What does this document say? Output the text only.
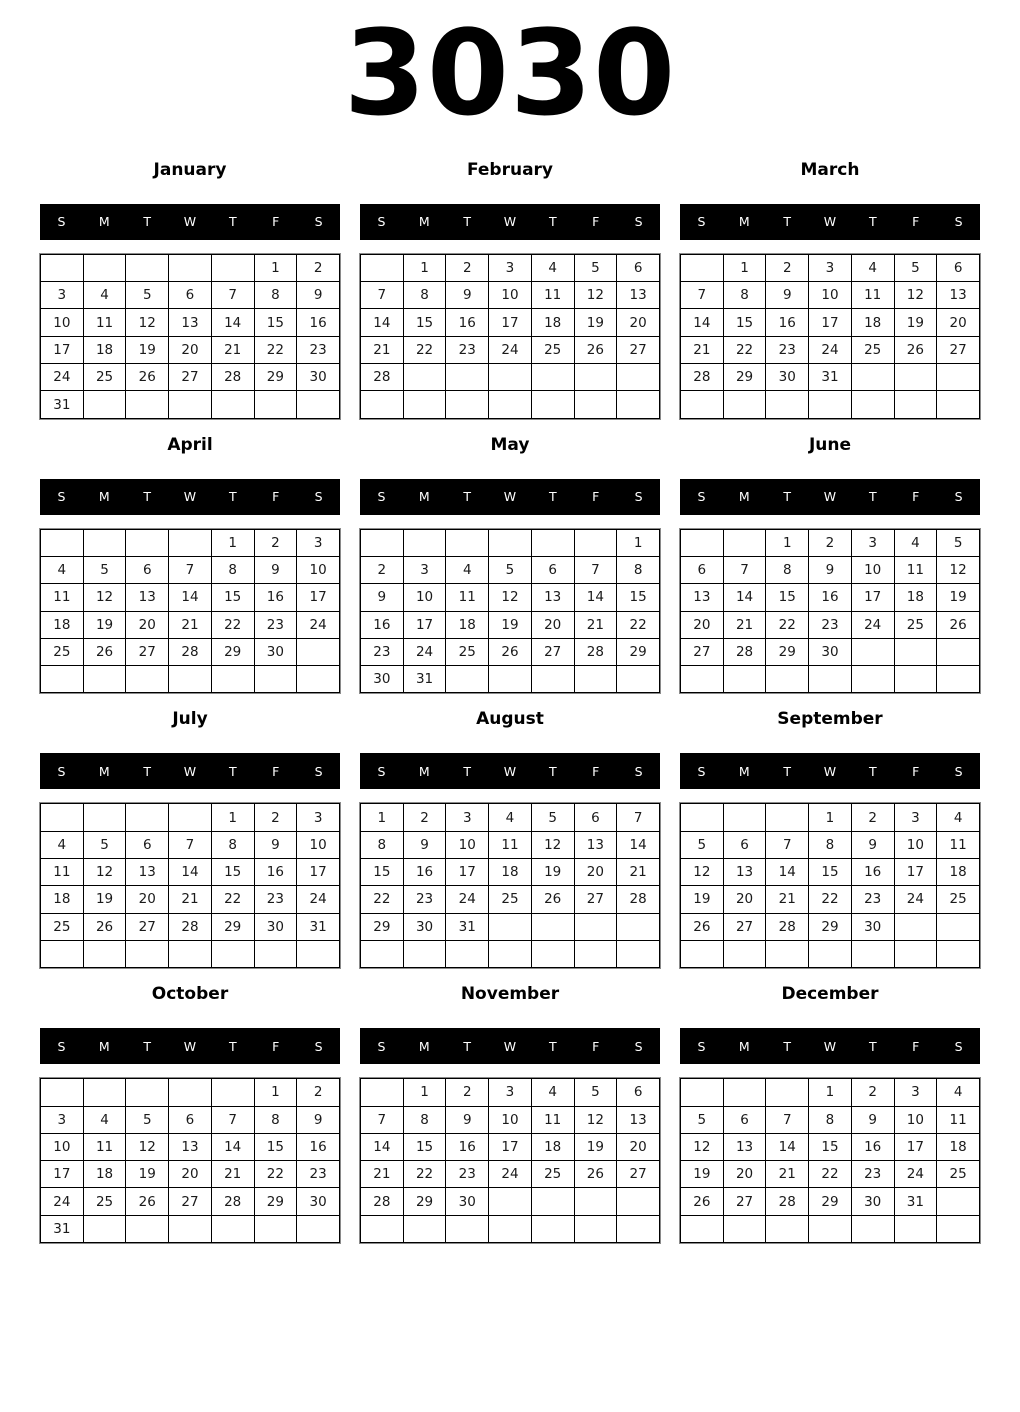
3030
January
S	M	T	W	T	F	S
					1	2
3	4	5	6	7	8	9
10	11	12	13	14	15	16
17	18	19	20	21	22	23
24	25	26	27	28	29	30
31						
February
S	M	T	W	T	F	S
	1	2	3	4	5	6
7	8	9	10	11	12	13
14	15	16	17	18	19	20
21	22	23	24	25	26	27
28						

March
S	M	T	W	T	F	S
	1	2	3	4	5	6
7	8	9	10	11	12	13
14	15	16	17	18	19	20
21	22	23	24	25	26	27
28	29	30	31			

April
S	M	T	W	T	F	S
				1	2	3
4	5	6	7	8	9	10
11	12	13	14	15	16	17
18	19	20	21	22	23	24
25	26	27	28	29	30	

May
S	M	T	W	T	F	S
						1
2	3	4	5	6	7	8
9	10	11	12	13	14	15
16	17	18	19	20	21	22
23	24	25	26	27	28	29
30	31					
June
S	M	T	W	T	F	S
		1	2	3	4	5
6	7	8	9	10	11	12
13	14	15	16	17	18	19
20	21	22	23	24	25	26
27	28	29	30			

July
S	M	T	W	T	F	S
				1	2	3
4	5	6	7	8	9	10
11	12	13	14	15	16	17
18	19	20	21	22	23	24
25	26	27	28	29	30	31

August
S	M	T	W	T	F	S
1	2	3	4	5	6	7
8	9	10	11	12	13	14
15	16	17	18	19	20	21
22	23	24	25	26	27	28
29	30	31				

September
S	M	T	W	T	F	S
			1	2	3	4
5	6	7	8	9	10	11
12	13	14	15	16	17	18
19	20	21	22	23	24	25
26	27	28	29	30		

October
S	M	T	W	T	F	S
					1	2
3	4	5	6	7	8	9
10	11	12	13	14	15	16
17	18	19	20	21	22	23
24	25	26	27	28	29	30
31						
November
S	M	T	W	T	F	S
	1	2	3	4	5	6
7	8	9	10	11	12	13
14	15	16	17	18	19	20
21	22	23	24	25	26	27
28	29	30				

December
S	M	T	W	T	F	S
			1	2	3	4
5	6	7	8	9	10	11
12	13	14	15	16	17	18
19	20	21	22	23	24	25
26	27	28	29	30	31	
